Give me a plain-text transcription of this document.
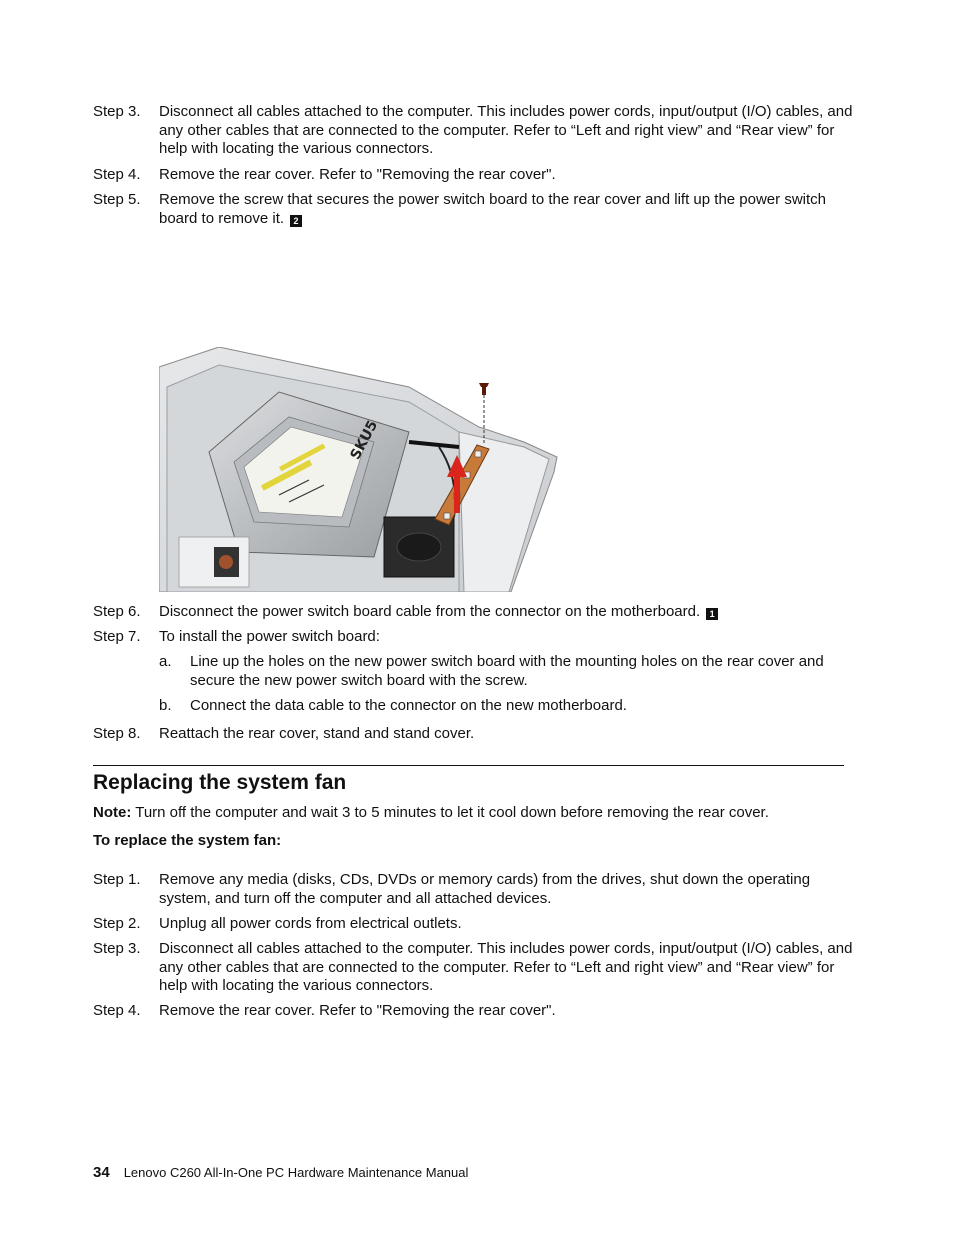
Step 3. Disconnect all cables attached to the computer. This includes power cords, input/output (I/O) cables, and any other cables that are connected to the computer. Refer to “Left and right view” and “Rear view” for help with locating the various connectors.
Step 4. Remove the rear cover. Refer to "Removing the rear cover".
Step 5. Remove the screw that secures the power switch board to the rear cover and lift up the power switch board to remove it. 2
SKU5
Step 6. Disconnect the power switch board cable from the connector on the motherboard. 1
Step 7. To install the power switch board:
a. Line up the holes on the new power switch board with the mounting holes on the rear cover and secure the new power switch board with the screw.
b. Connect the data cable to the connector on the new motherboard.
Step 8. Reattach the rear cover, stand and stand cover.
Replacing the system fan
Note: Turn off the computer and wait 3 to 5 minutes to let it cool down before removing the rear cover.
To replace the system fan:
Step 1. Remove any media (disks, CDs, DVDs or memory cards) from the drives, shut down the operating system, and turn off the computer and all attached devices.
Step 2. Unplug all power cords from electrical outlets.
Step 3. Disconnect all cables attached to the computer. This includes power cords, input/output (I/O) cables, and any other cables that are connected to the computer. Refer to “Left and right view” and “Rear view” for help with locating the various connectors.
Step 4. Remove the rear cover. Refer to "Removing the rear cover".
34 Lenovo C260 All-In-One PC Hardware Maintenance Manual
